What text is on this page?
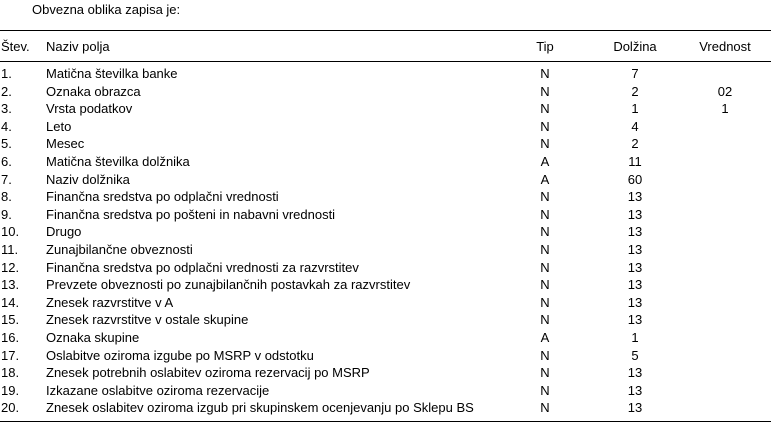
Obvezna oblika zapisa je:
Štev. Naziv polja	Tip	Dolžina	Vrednost
1.	Matična številka banke	N	7
2.	Oznaka obrazca	N	2	02
3.	Vrsta podatkov	N	1	1
4.	Leto	N	4
5.	Mesec	N	2
6.	Matična številka dolžnika	A	11
7.	Naziv dolžnika	A	60
8.	Finančna sredstva po odplačni vrednosti	N	13
9.	Finančna sredstva po pošteni in nabavni vrednosti	N	13
10. Drugo	N	13
11. Zunajbilančne obveznosti	N	13
12. Finančna sredstva po odplačni vrednosti za razvrstitev	N	13
13. Prevzete obveznosti po zunajbilančnih postavkah za razvrstitev	N	13
14. Znesek razvrstitve v A	N	13
15. Znesek razvrstitve v ostale skupine	N	13
16. Oznaka skupine	A	1
17. Oslabitve oziroma izgube po MSRP v odstotku	N	5
18. Znesek potrebnih oslabitev oziroma rezervacij po MSRP	N	13
19. Izkazane oslabitve oziroma rezervacije	N	13
20. Znesek oslabitev oziroma izgub pri skupinskem ocenjevanju po Sklepu BS	N	13
